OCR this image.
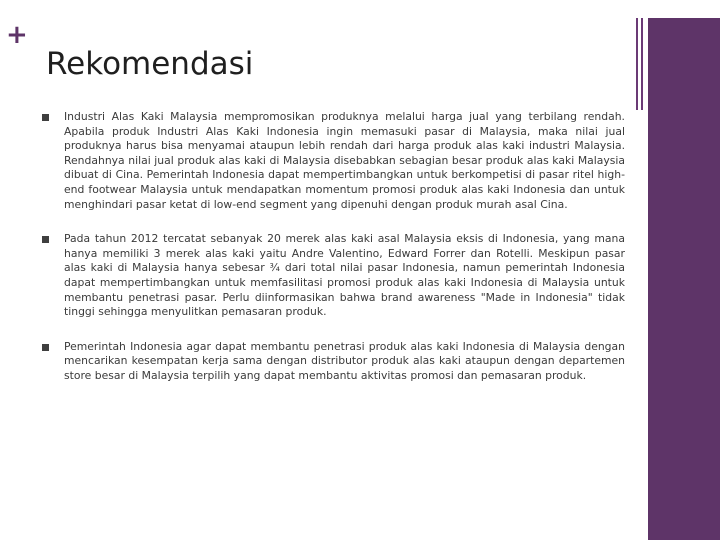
+
Rekomendasi
Industri Alas Kaki Malaysia mempromosikan produknya melalui harga jual yang terbilang rendah. Apabila produk Industri Alas Kaki Indonesia ingin memasuki pasar di Malaysia, maka nilai jual produknya harus bisa menyamai ataupun lebih rendah dari harga produk alas kaki industri Malaysia. Rendahnya nilai jual produk alas kaki di Malaysia disebabkan sebagian besar produk alas kaki Malaysia dibuat di Cina. Pemerintah Indonesia dapat mempertimbangkan untuk berkompetisi di pasar ritel high-end footwear Malaysia untuk mendapatkan momentum promosi produk alas kaki Indonesia dan untuk menghindari pasar ketat di low-end segment yang dipenuhi dengan produk murah asal Cina.
Pada tahun 2012 tercatat sebanyak 20 merek alas kaki asal Malaysia eksis di Indonesia, yang mana hanya memiliki 3 merek alas kaki yaitu Andre Valentino, Edward Forrer dan Rotelli. Meskipun pasar alas kaki di Malaysia hanya sebesar ¾ dari total nilai pasar Indonesia, namun pemerintah Indonesia dapat mempertimbangkan untuk memfasilitasi promosi produk alas kaki Indonesia di Malaysia untuk membantu penetrasi pasar. Perlu diinformasikan bahwa brand awareness "Made in Indonesia" tidak tinggi sehingga menyulitkan pemasaran produk.
Pemerintah Indonesia agar dapat membantu penetrasi produk alas kaki Indonesia di Malaysia dengan mencarikan kesempatan kerja sama dengan distributor produk alas kaki ataupun dengan departemen store besar di Malaysia terpilih yang dapat membantu aktivitas promosi dan pemasaran produk.
